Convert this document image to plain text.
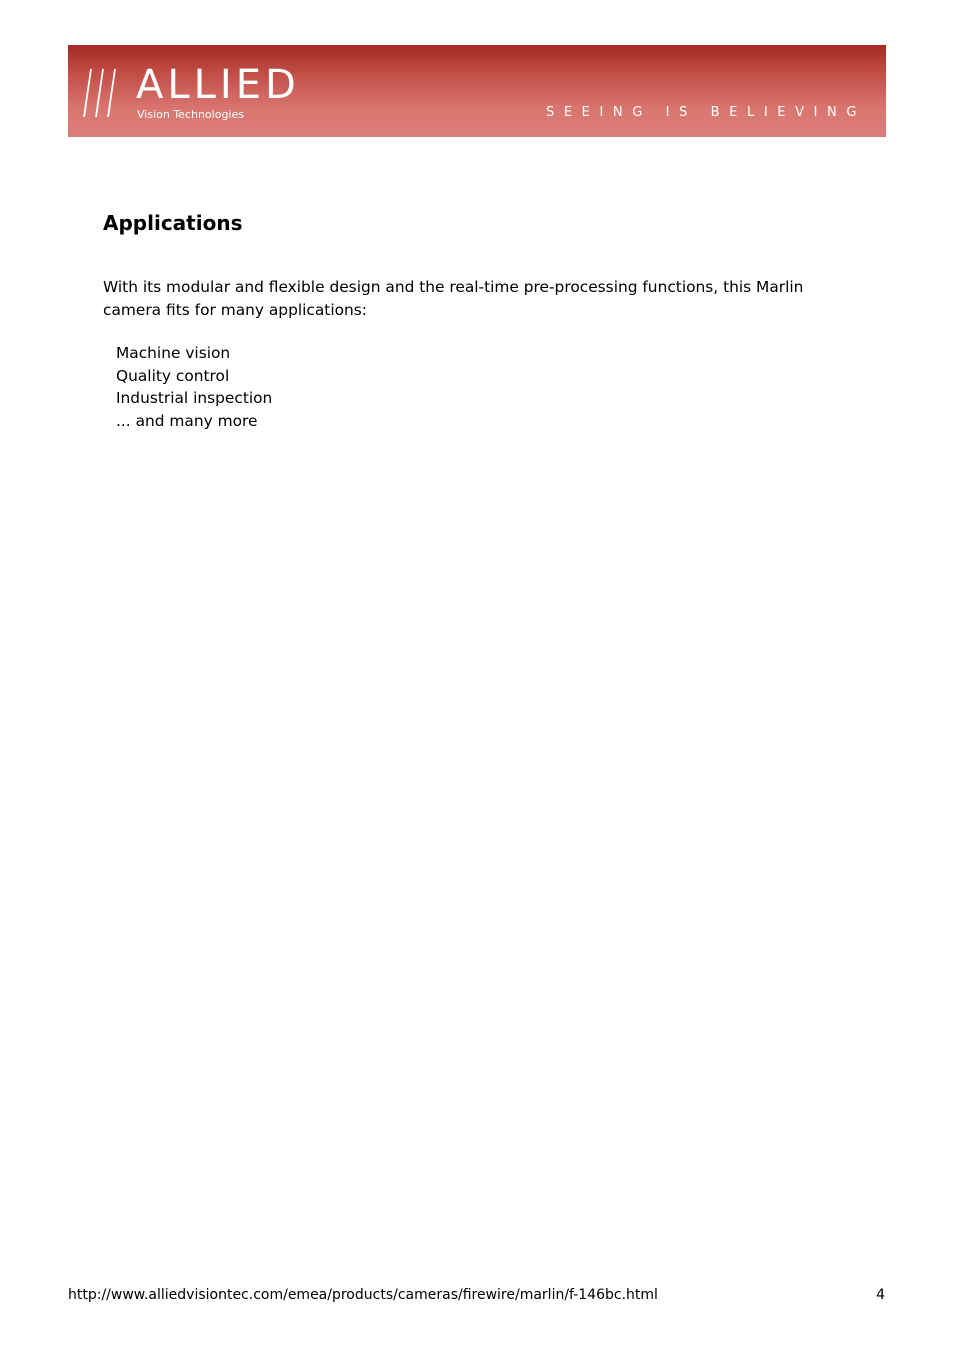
ALLIED
Vision Technologies	SEEING IS BELIEVING
Applications

With its modular and flexible design and the real-time pre-processing functions, this Marlin camera fits for many applications:

Machine vision
Quality control
Industrial inspection
... and many more
http://www.alliedvisiontec.com/emea/products/cameras/firewire/marlin/f-146bc.html	4
